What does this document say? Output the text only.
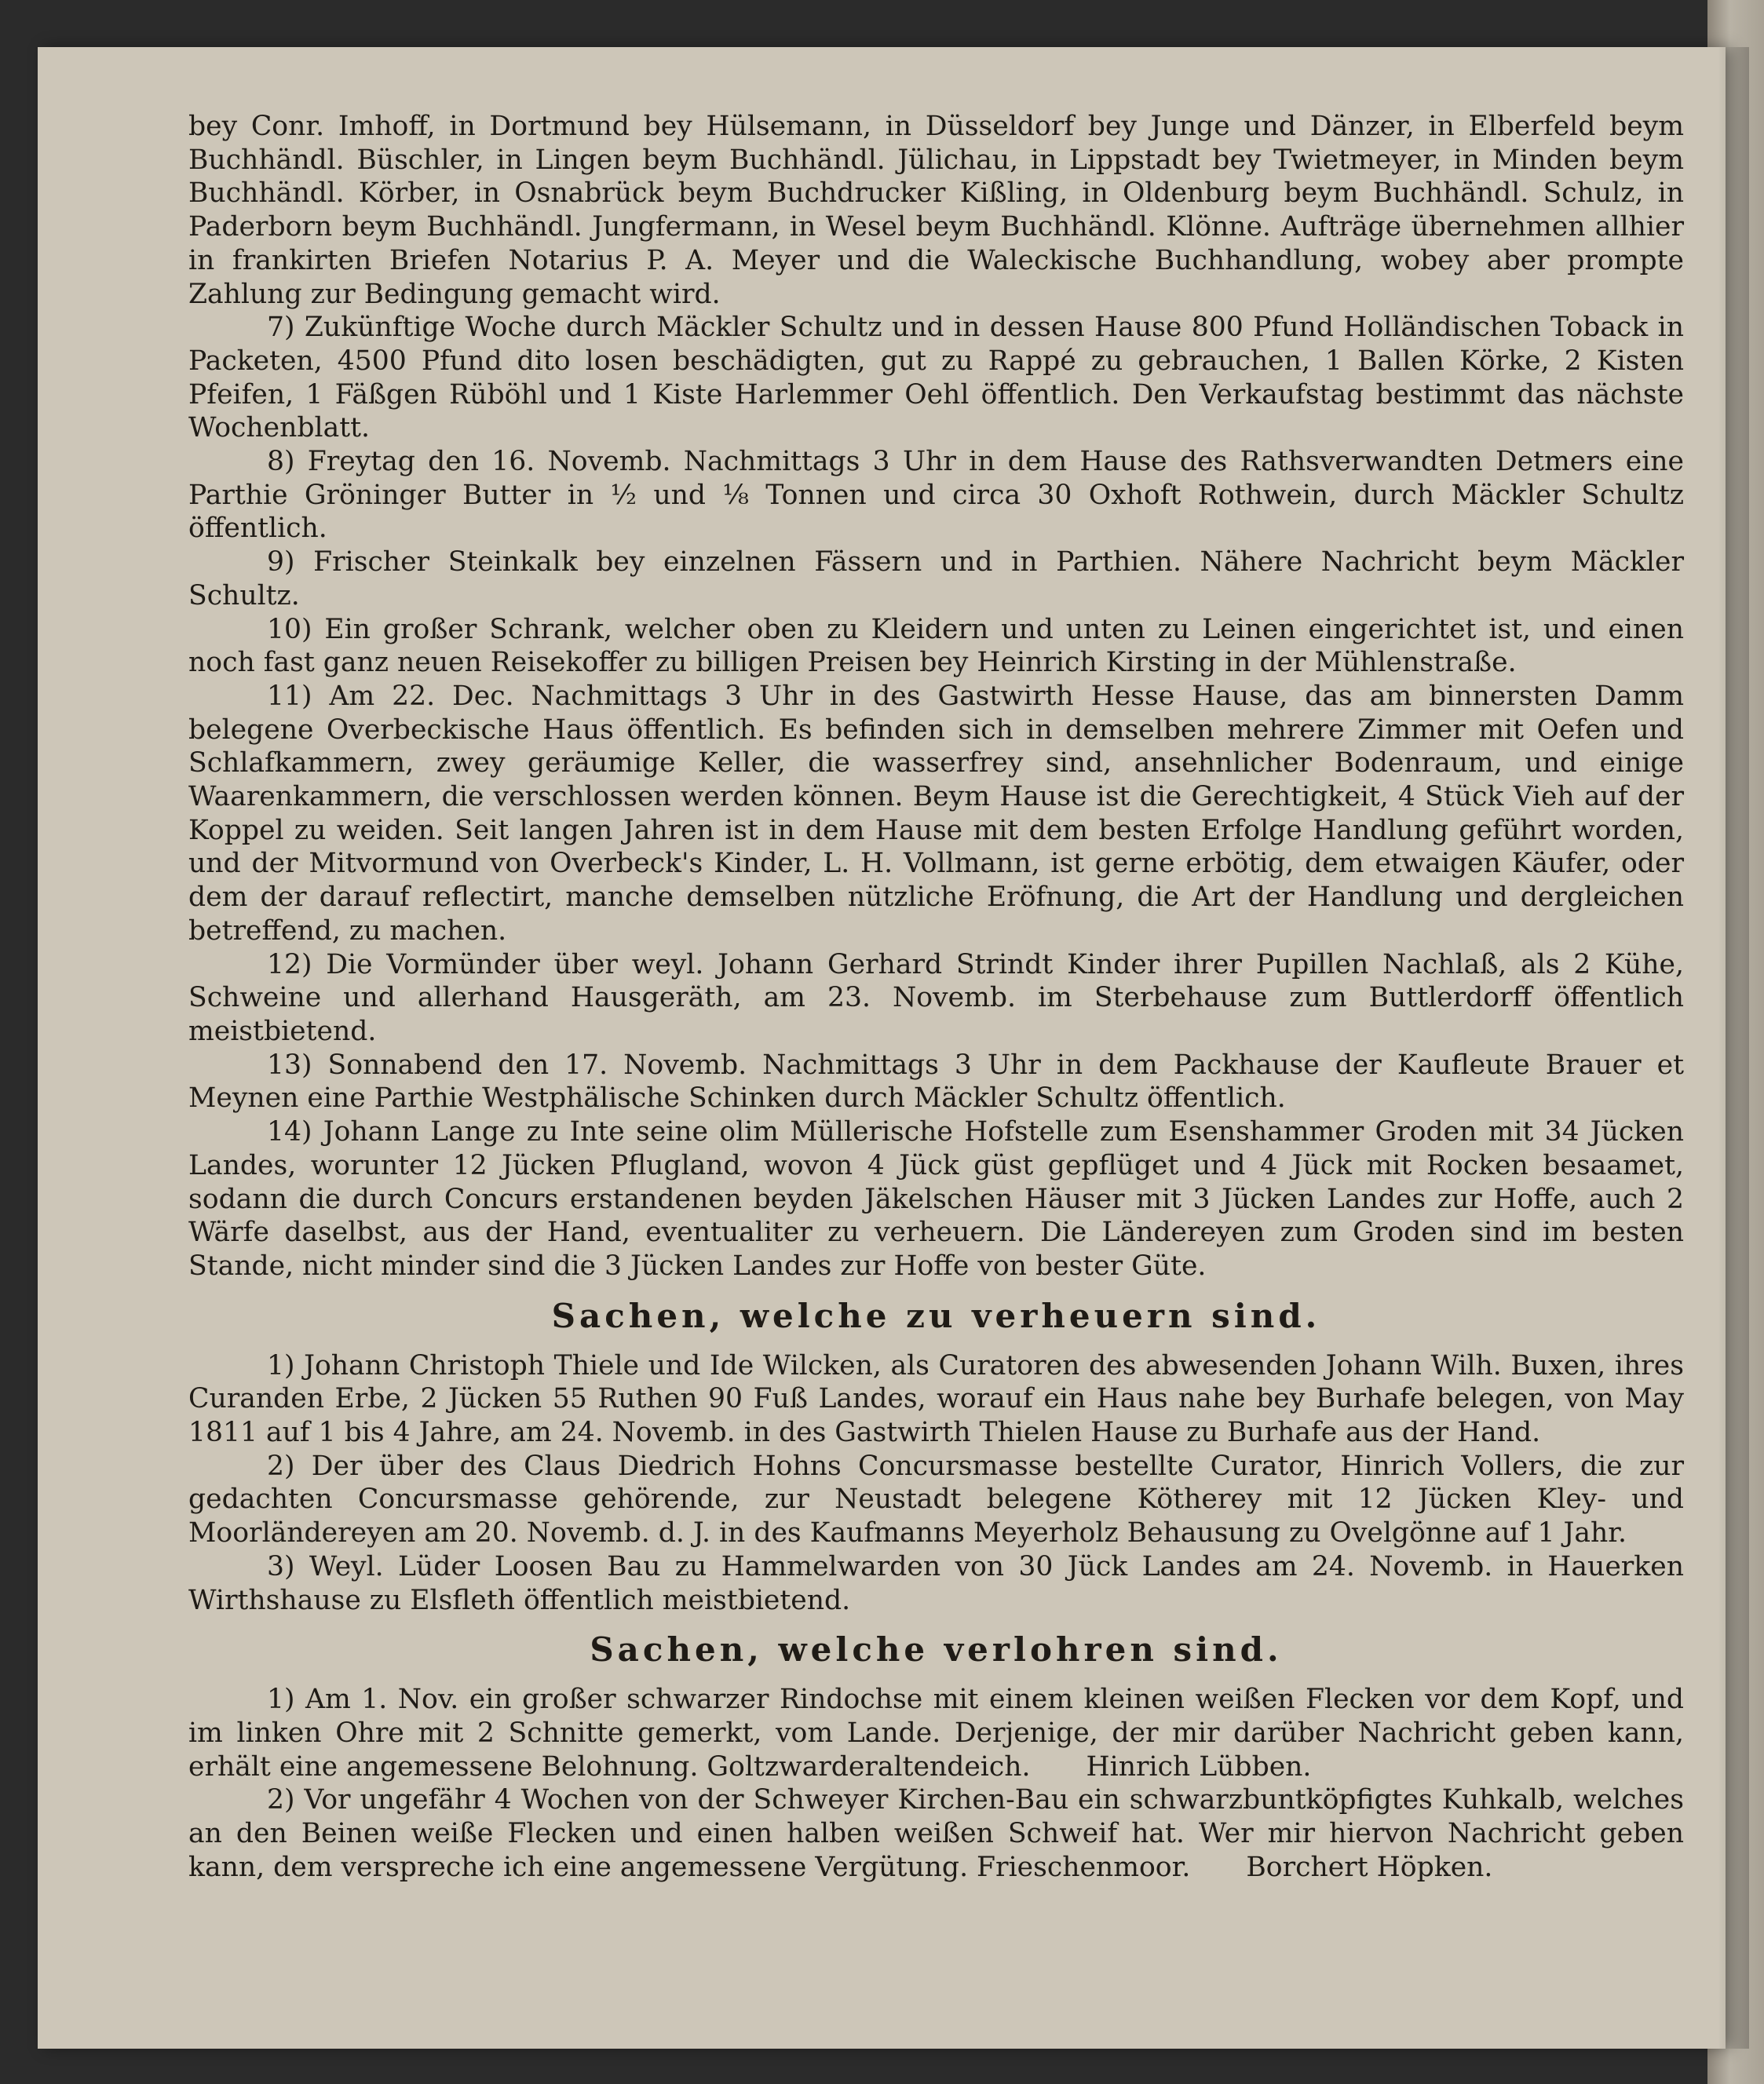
bey Conr. Imhoff, in Dortmund bey Hülsemann, in Düsseldorf bey Junge und Dänzer, in Elberfeld beym Buchhändl. Büschler, in Lingen beym Buchhändl. Jülichau, in Lippstadt bey Twietmeyer, in Minden beym Buchhändl. Körber, in Osnabrück beym Buchdrucker Kißling, in Oldenburg beym Buchhändl. Schulz, in Paderborn beym Buchhändl. Jungfermann, in Wesel beym Buchhändl. Klönne. Aufträge übernehmen allhier in frankirten Briefen Notarius P. A. Meyer und die Waleckische Buchhandlung, wobey aber prompte Zahlung zur Bedingung gemacht wird.

7) Zukünftige Woche durch Mäckler Schultz und in dessen Hause 800 Pfund Holländischen Toback in Packeten, 4500 Pfund dito losen beschädigten, gut zu Rappé zu gebrauchen, 1 Ballen Körke, 2 Kisten Pfeifen, 1 Fäßgen Rüböhl und 1 Kiste Harlemmer Oehl öffentlich. Den Verkaufstag bestimmt das nächste Wochenblatt.

8) Freytag den 16. Novemb. Nachmittags 3 Uhr in dem Hause des Rathsverwandten Detmers eine Parthie Gröninger Butter in ½ und ⅛ Tonnen und circa 30 Oxhoft Rothwein, durch Mäckler Schultz öffentlich.

9) Frischer Steinkalk bey einzelnen Fässern und in Parthien. Nähere Nachricht beym Mäckler Schultz.

10) Ein großer Schrank, welcher oben zu Kleidern und unten zu Leinen eingerichtet ist, und einen noch fast ganz neuen Reisekoffer zu billigen Preisen bey Heinrich Kirsting in der Mühlenstraße.

11) Am 22. Dec. Nachmittags 3 Uhr in des Gastwirth Hesse Hause, das am binnersten Damm belegene Overbeckische Haus öffentlich. Es befinden sich in demselben mehrere Zimmer mit Oefen und Schlafkammern, zwey geräumige Keller, die wasserfrey sind, ansehnlicher Bodenraum, und einige Waarenkammern, die verschlossen werden können. Beym Hause ist die Gerechtigkeit, 4 Stück Vieh auf der Koppel zu weiden. Seit langen Jahren ist in dem Hause mit dem besten Erfolge Handlung geführt worden, und der Mitvormund von Overbeck's Kinder, L. H. Vollmann, ist gerne erbötig, dem etwaigen Käufer, oder dem der darauf reflectirt, manche demselben nützliche Eröfnung, die Art der Handlung und dergleichen betreffend, zu machen.

12) Die Vormünder über weyl. Johann Gerhard Strindt Kinder ihrer Pupillen Nachlaß, als 2 Kühe, Schweine und allerhand Hausgeräth, am 23. Novemb. im Sterbehause zum Buttlerdorff öffentlich meistbietend.

13) Sonnabend den 17. Novemb. Nachmittags 3 Uhr in dem Packhause der Kaufleute Brauer et Meynen eine Parthie Westphälische Schinken durch Mäckler Schultz öffentlich.

14) Johann Lange zu Inte seine olim Müllerische Hofstelle zum Esenshammer Groden mit 34 Jücken Landes, worunter 12 Jücken Pflugland, wovon 4 Jück güst gepflüget und 4 Jück mit Rocken besaamet, sodann die durch Concurs erstandenen beyden Jäkelschen Häuser mit 3 Jücken Landes zur Hoffe, auch 2 Wärfe daselbst, aus der Hand, eventualiter zu verheuern. Die Ländereyen zum Groden sind im besten Stande, nicht minder sind die 3 Jücken Landes zur Hoffe von bester Güte.

Sachen, welche zu verheuern sind.

1) Johann Christoph Thiele und Ide Wilcken, als Curatoren des abwesenden Johann Wilh. Buxen, ihres Curanden Erbe, 2 Jücken 55 Ruthen 90 Fuß Landes, worauf ein Haus nahe bey Burhafe belegen, von May 1811 auf 1 bis 4 Jahre, am 24. Novemb. in des Gastwirth Thielen Hause zu Burhafe aus der Hand.

2) Der über des Claus Diedrich Hohns Concursmasse bestellte Curator, Hinrich Vollers, die zur gedachten Concursmasse gehörende, zur Neustadt belegene Kötherey mit 12 Jücken Kley- und Moorländereyen am 20. Novemb. d. J. in des Kaufmanns Meyerholz Behausung zu Ovelgönne auf 1 Jahr.

3) Weyl. Lüder Loosen Bau zu Hammelwarden von 30 Jück Landes am 24. Novemb. in Hauerken Wirthshause zu Elsfleth öffentlich meistbietend.

Sachen, welche verlohren sind.

1) Am 1. Nov. ein großer schwarzer Rindochse mit einem kleinen weißen Flecken vor dem Kopf, und im linken Ohre mit 2 Schnitte gemerkt, vom Lande. Derjenige, der mir darüber Nachricht geben kann, erhält eine angemessene Belohnung. Goltzwarderaltendeich. Hinrich Lübben.

2) Vor ungefähr 4 Wochen von der Schweyer Kirchen-Bau ein schwarzbuntköpfigtes Kuhkalb, welches an den Beinen weiße Flecken und einen halben weißen Schweif hat. Wer mir hiervon Nachricht geben kann, dem verspreche ich eine angemessene Vergütung. Frieschenmoor. Borchert Höpken.
